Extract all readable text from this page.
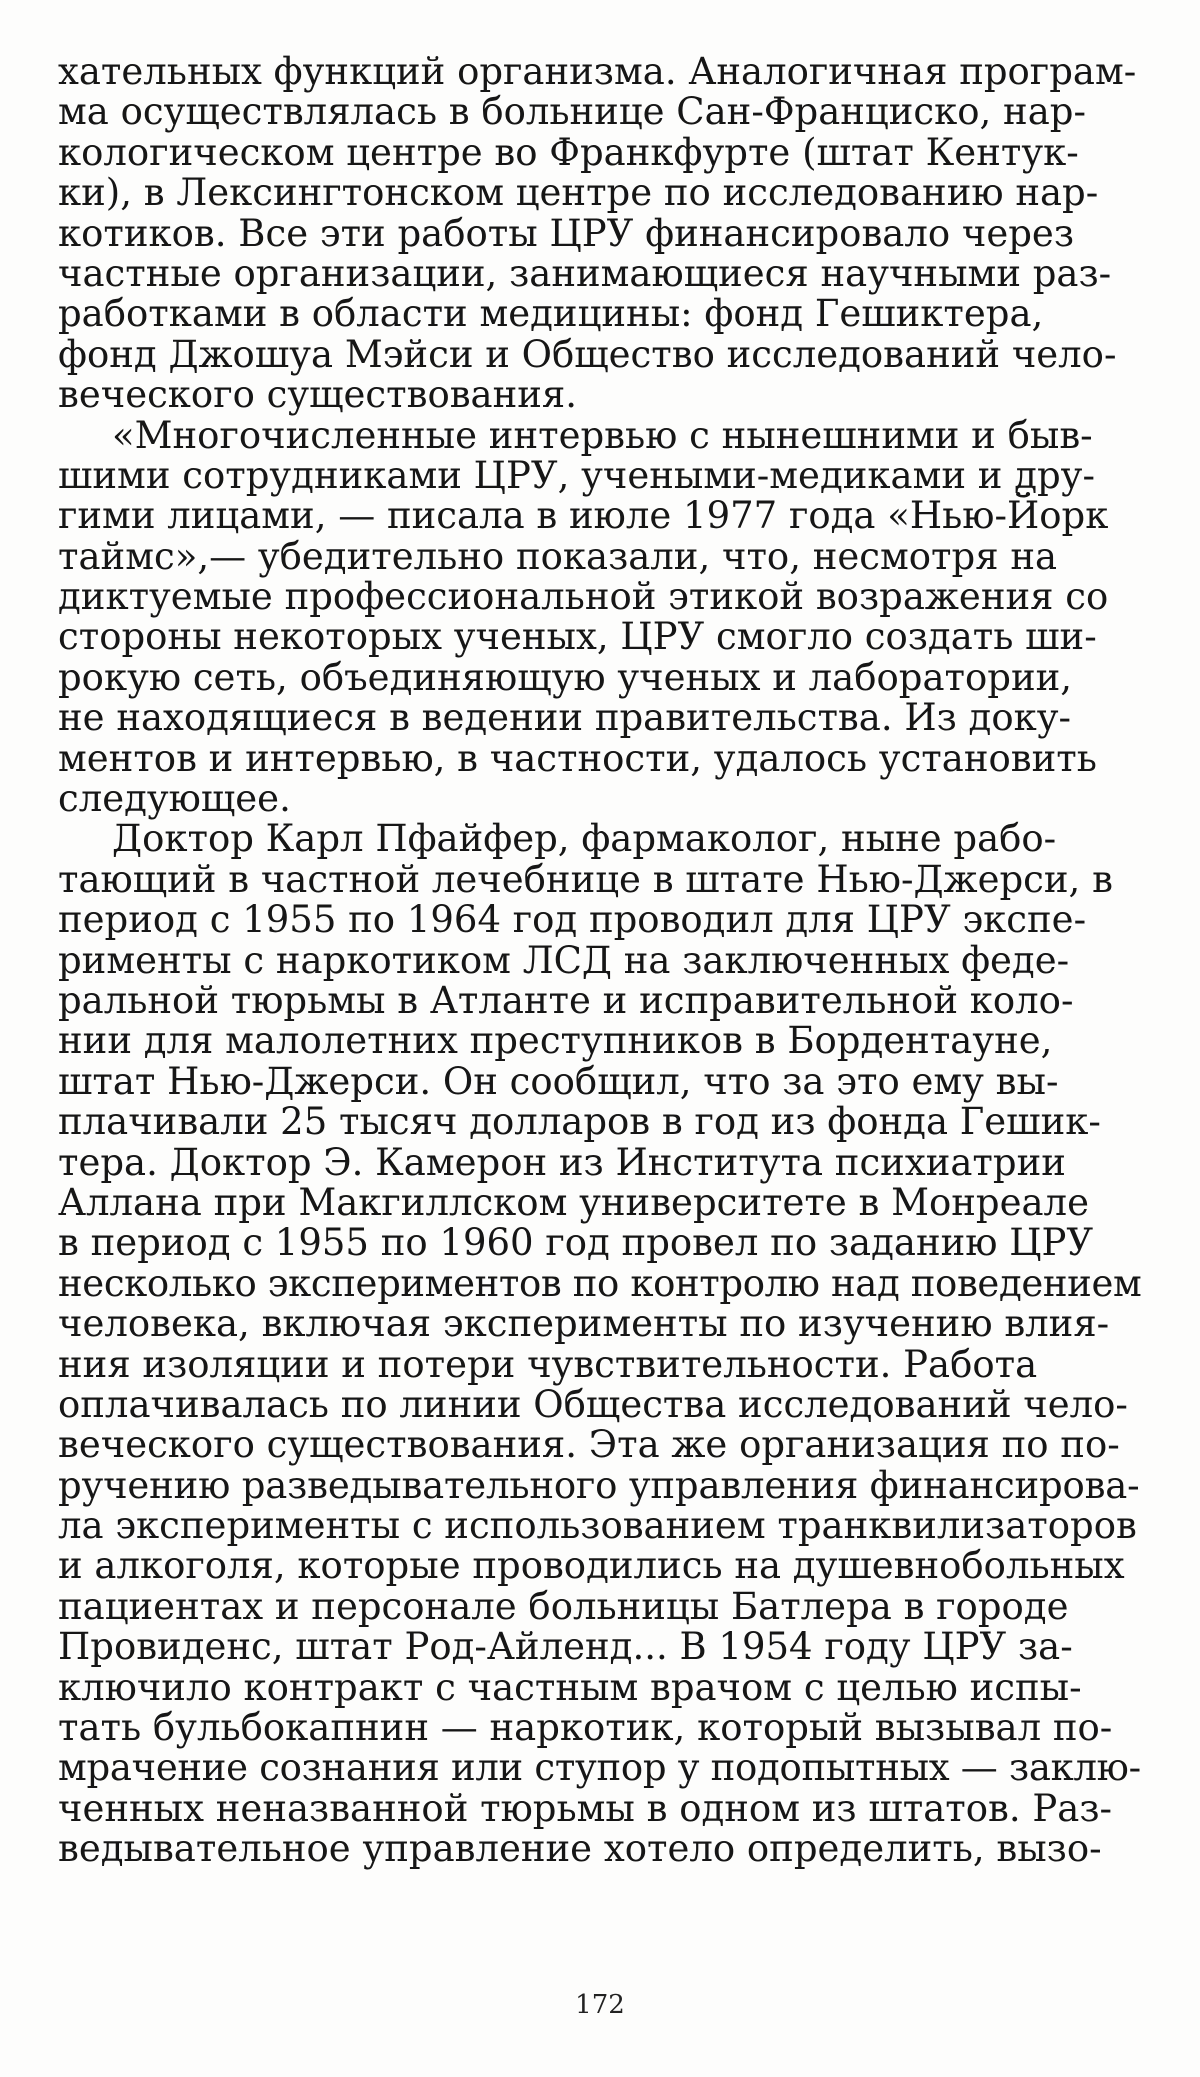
хательных функций организма. Аналогичная програм-
ма осуществлялась в больнице Сан-Франциско, нар-
кологическом центре во Франкфурте (штат Кентук-
ки), в Лексингтонском центре по исследованию нар-
котиков. Все эти работы ЦРУ финансировало через
частные организации, занимающиеся научными раз-
работками в области медицины: фонд Гешиктера,
фонд Джошуа Мэйси и Общество исследований чело-
веческого существования.
«Многочисленные интервью с нынешними и быв-
шими сотрудниками ЦРУ, учеными-медиками и дру-
гими лицами, — писала в июле 1977 года «Нью-Йорк
таймс»,— убедительно показали, что, несмотря на
диктуемые профессиональной этикой возражения со
стороны некоторых ученых, ЦРУ смогло создать ши-
рокую сеть, объединяющую ученых и лаборатории,
не находящиеся в ведении правительства. Из доку-
ментов и интервью, в частности, удалось установить
следующее.
Доктор Карл Пфайфер, фармаколог, ныне рабо-
тающий в частной лечебнице в штате Нью-Джерси, в
период с 1955 по 1964 год проводил для ЦРУ экспе-
рименты с наркотиком ЛСД на заключенных феде-
ральной тюрьмы в Атланте и исправительной коло-
нии для малолетних преступников в Бордентауне,
штат Нью-Джерси. Он сообщил, что за это ему вы-
плачивали 25 тысяч долларов в год из фонда Гешик-
тера. Доктор Э. Камерон из Института психиатрии
Аллана при Макгиллском университете в Монреале
в период с 1955 по 1960 год провел по заданию ЦРУ
несколько экспериментов по контролю над поведением
человека, включая эксперименты по изучению влия-
ния изоляции и потери чувствительности. Работа
оплачивалась по линии Общества исследований чело-
веческого существования. Эта же организация по по-
ручению разведывательного управления финансирова-
ла эксперименты с использованием транквилизаторов
и алкоголя, которые проводились на душевнобольных
пациентах и персонале больницы Батлера в городе
Провиденс, штат Род-Айленд... В 1954 году ЦРУ за-
ключило контракт с частным врачом с целью испы-
тать бульбокапнин — наркотик, который вызывал по-
мрачение сознания или ступор у подопытных — заклю-
ченных неназванной тюрьмы в одном из штатов. Раз-
ведывательное управление хотело определить, вызо-
172
